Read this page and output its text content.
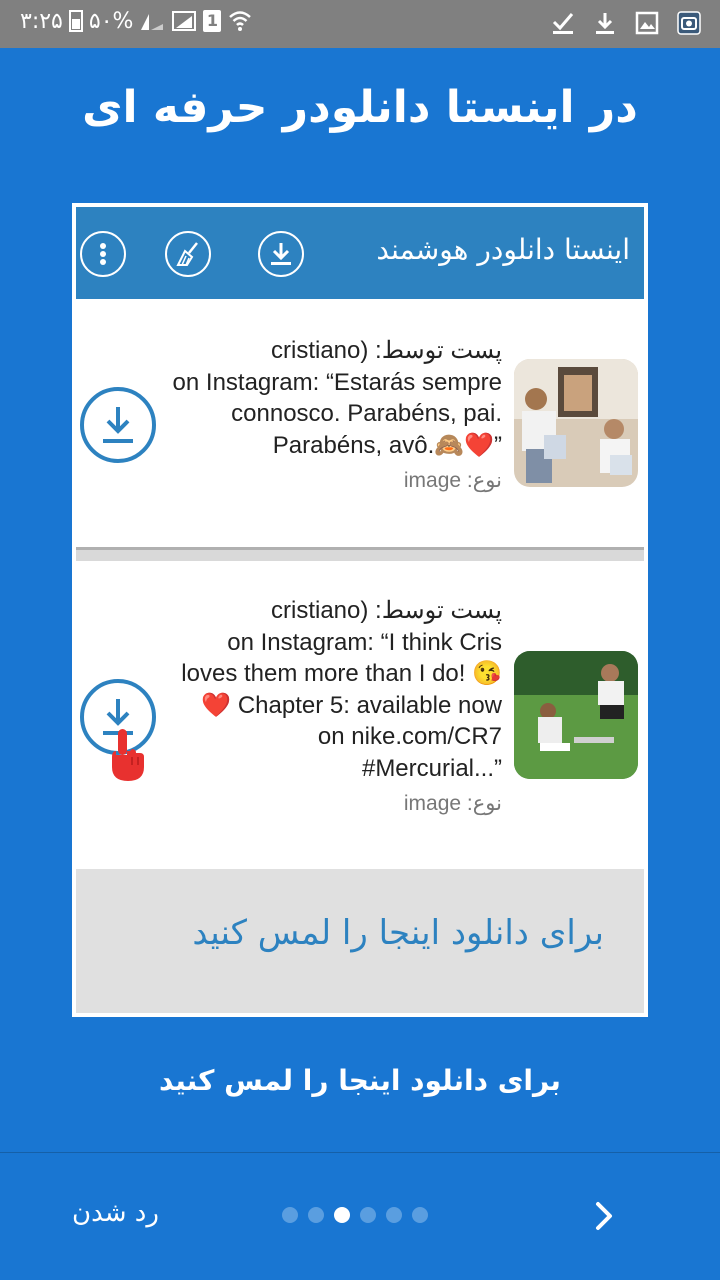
۳:۲۵ ۵۰%	1
در اینستا دانلودر حرفه ای
اینستا دانلودر هوشمند
پست توسط: (cristiano
on Instagram: “Estarás sempre connosco. Parabéns, pai. Parabéns, avô.🙈❤️”
نوع: image
پست توسط: (cristiano
on Instagram: “I think Cris loves them more than I do! 😘❤️ Chapter 5: available now on nike.com/CR7 #Mercurial...”
نوع: image
برای دانلود اینجا را لمس کنید
برای دانلود اینجا را لمس کنید
رد شدن
